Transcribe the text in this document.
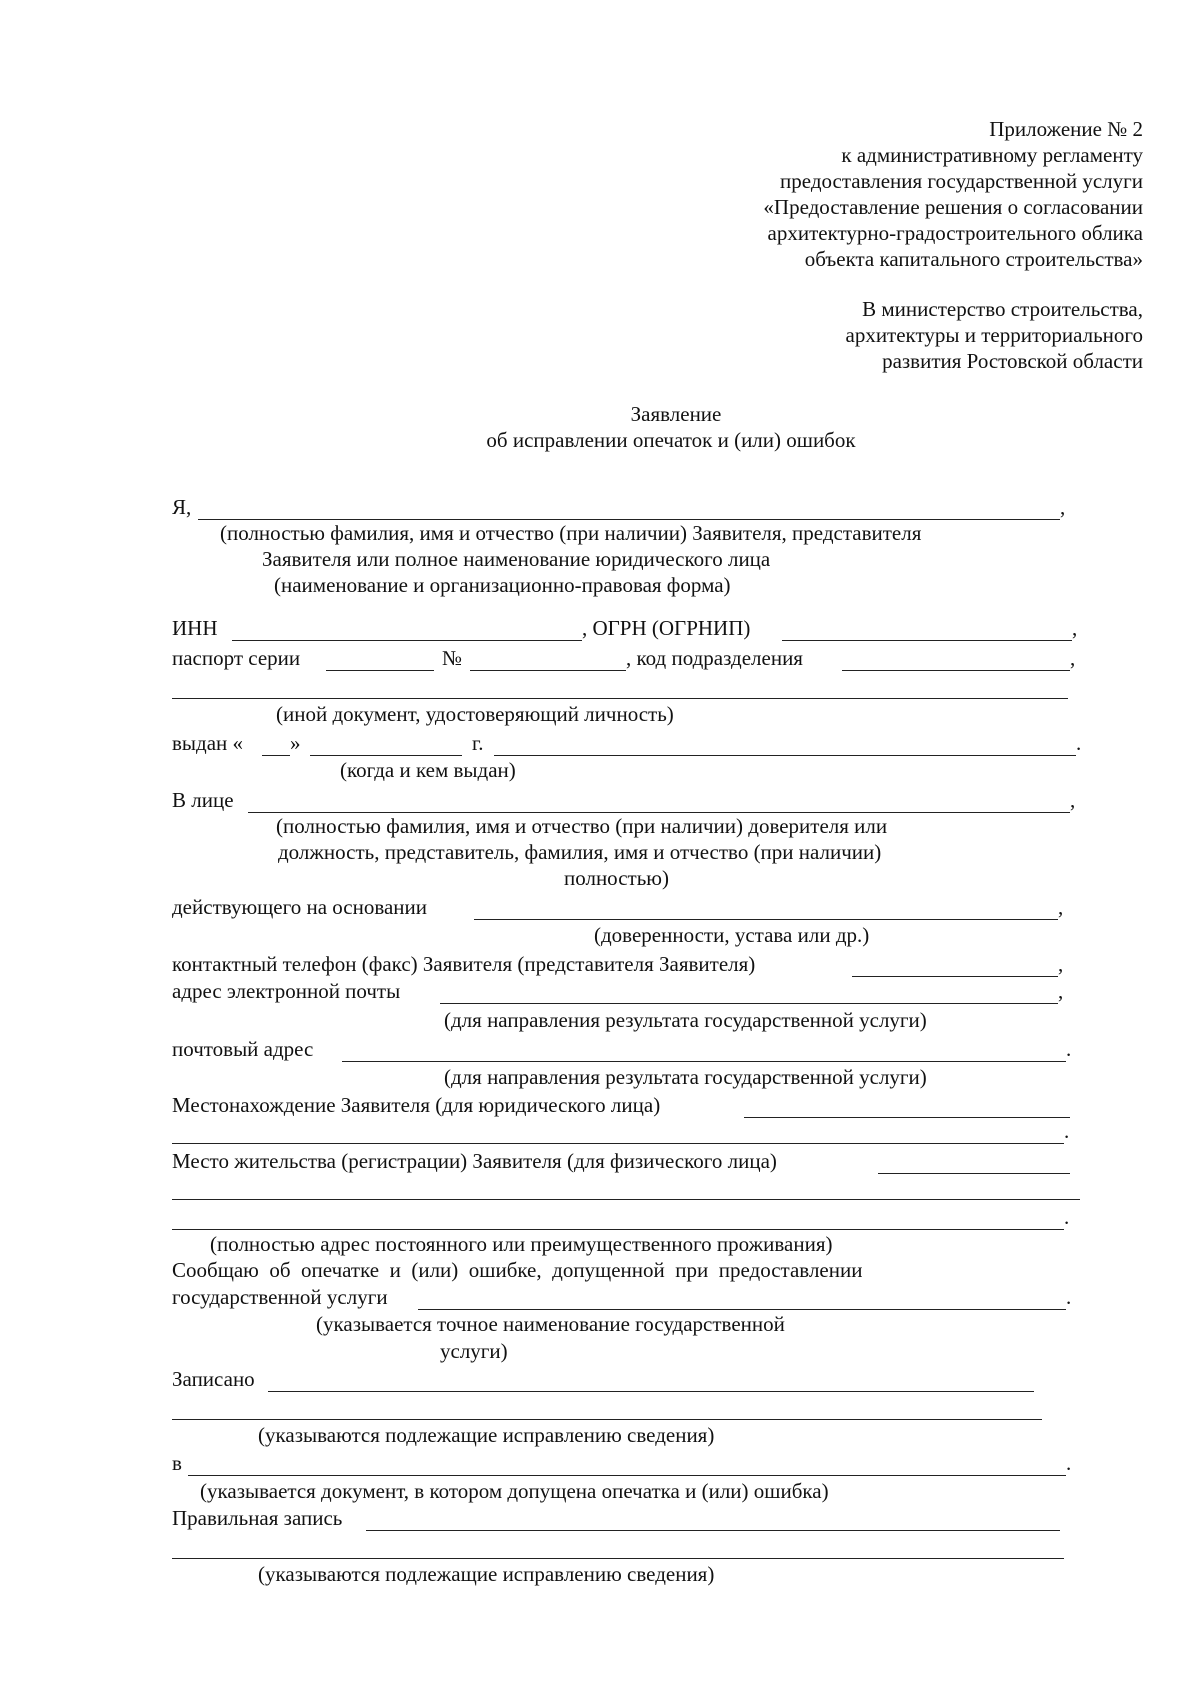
Приложение № 2
к административному регламенту
предоставления государственной услуги
«Предоставление решения о согласовании
архитектурно-градостроительного облика
объекта капитального строительства»
В министерство строительства,
архитектуры и территориального
развития Ростовской области
Заявление
об исправлении опечаток и (или) ошибок
Я,	,
(полностью фамилия, имя и отчество (при наличии) Заявителя, представителя
Заявителя или полное наименование юридического лица
(наименование и организационно-правовая форма)
ИНН	, ОГРН (ОГРНИП)	,
паспорт серии	№	, код подразделения	,
(иной документ, удостоверяющий личность)
выдан « »	г.	.
(когда и кем выдан)
В лице	,
(полностью фамилия, имя и отчество (при наличии) доверителя или
должность, представитель, фамилия, имя и отчество (при наличии)
полностью)
действующего на основании	,
(доверенности, устава или др.)
контактный телефон (факс) Заявителя (представителя Заявителя)	,
адрес электронной почты	,
(для направления результата государственной услуги)
почтовый адрес	.
(для направления результата государственной услуги)
Местонахождение Заявителя (для юридического лица)
.
Место жительства (регистрации) Заявителя (для физического лица)
.
(полностью адрес постоянного или преимущественного проживания)
Сообщаю  об  опечатке  и  (или)  ошибке,  допущенной  при  предоставлении
государственной услуги	.
(указывается точное наименование государственной
услуги)
Записано
(указываются подлежащие исправлению сведения)
в	.
(указывается документ, в котором допущена опечатка и (или) ошибка)
Правильная запись
(указываются подлежащие исправлению сведения)
